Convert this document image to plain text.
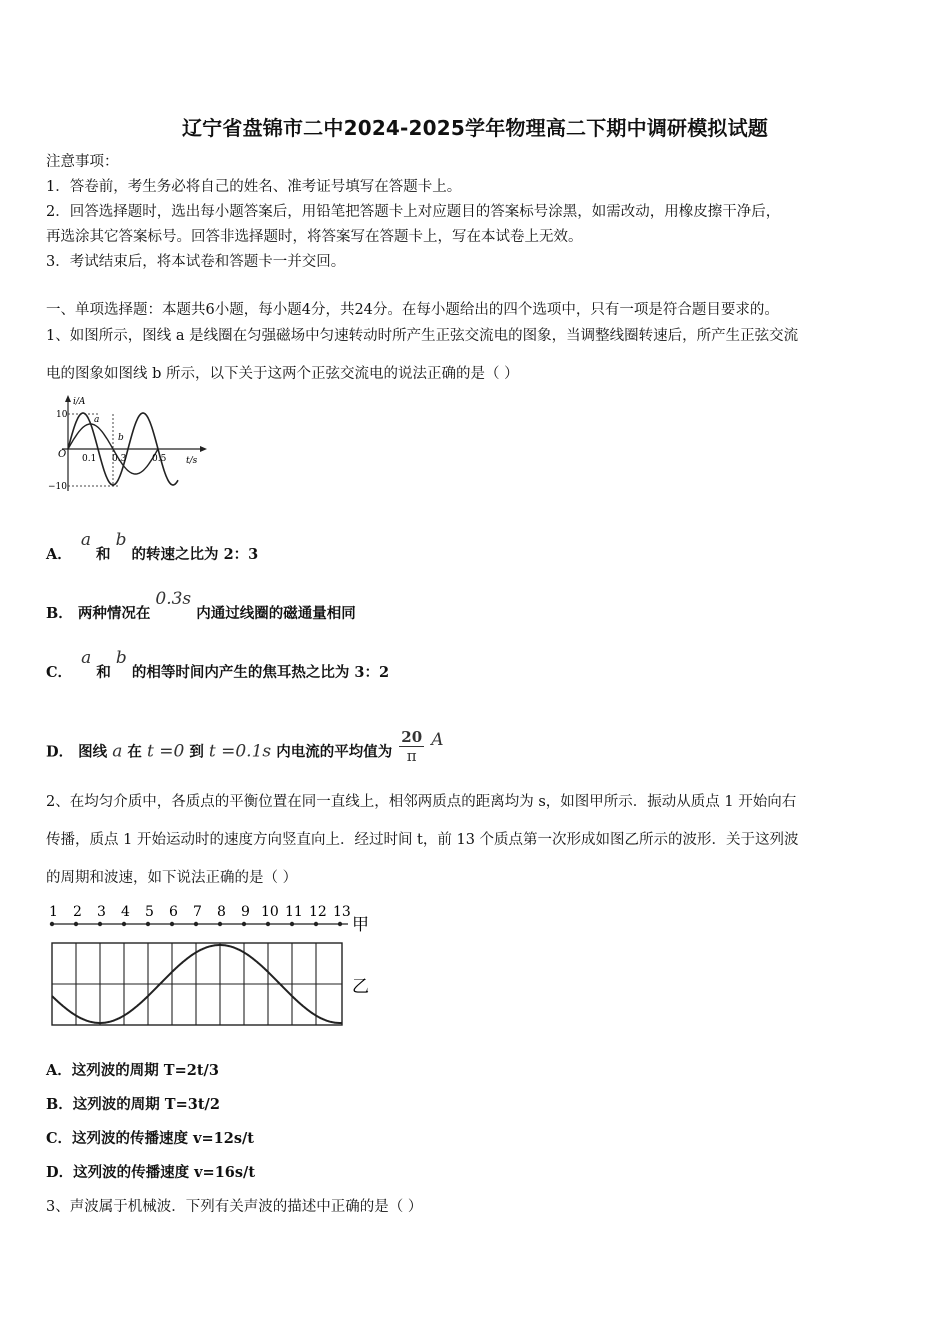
辽宁省盘锦市二中2024-2025学年物理高二下期中调研模拟试题
注意事项：
1．答卷前，考生务必将自己的姓名、准考证号填写在答题卡上。
2．回答选择题时，选出每小题答案后，用铅笔把答题卡上对应题目的答案标号涂黑，如需改动，用橡皮擦干净后，
再选涂其它答案标号。回答非选择题时，将答案写在答题卡上，写在本试卷上无效。
3．考试结束后，将本试卷和答题卡一并交回。
一、单项选择题：本题共6小题，每小题4分，共24分。在每小题给出的四个选项中，只有一项是符合题目要求的。
1、如图所示，图线 a 是线圈在匀强磁场中匀速转动时所产生正弦交流电的图象，当调整线圈转速后，所产生正弦交流
电的图象如图线 b 所示，以下关于这两个正弦交流电的说法正确的是（ ）
i/A
10
−10
O 0.1 0.3	0.5 t/s
a
b
A． a 和 b 的转速之比为 2：3
B． 两种情况在 0.3s 内通过线圈的磁通量相同
C． a 和 b 的相等时间内产生的焦耳热之比为 3：2
D． 图线 a 在 t =0 到 t =0.1s 内电流的平均值为 $\frac{20}{\pi}$ A
2、在均匀介质中，各质点的平衡位置在同一直线上，相邻两质点的距离均为 s，如图甲所示．振动从质点 1 开始向右
传播，质点 1 开始运动时的速度方向竖直向上．经过时间 t，前 13 个质点第一次形成如图乙所示的波形．关于这列波
的周期和波速，如下说法正确的是（ ）
1 2 3 4 5 6 7 8 9 10 11 12 13
甲
乙
A．这列波的周期 T=2t/3
B．这列波的周期 T=3t/2
C．这列波的传播速度 v=12s/t
D．这列波的传播速度 v=16s/t
3、声波属于机械波．下列有关声波的描述中正确的是（ ）
